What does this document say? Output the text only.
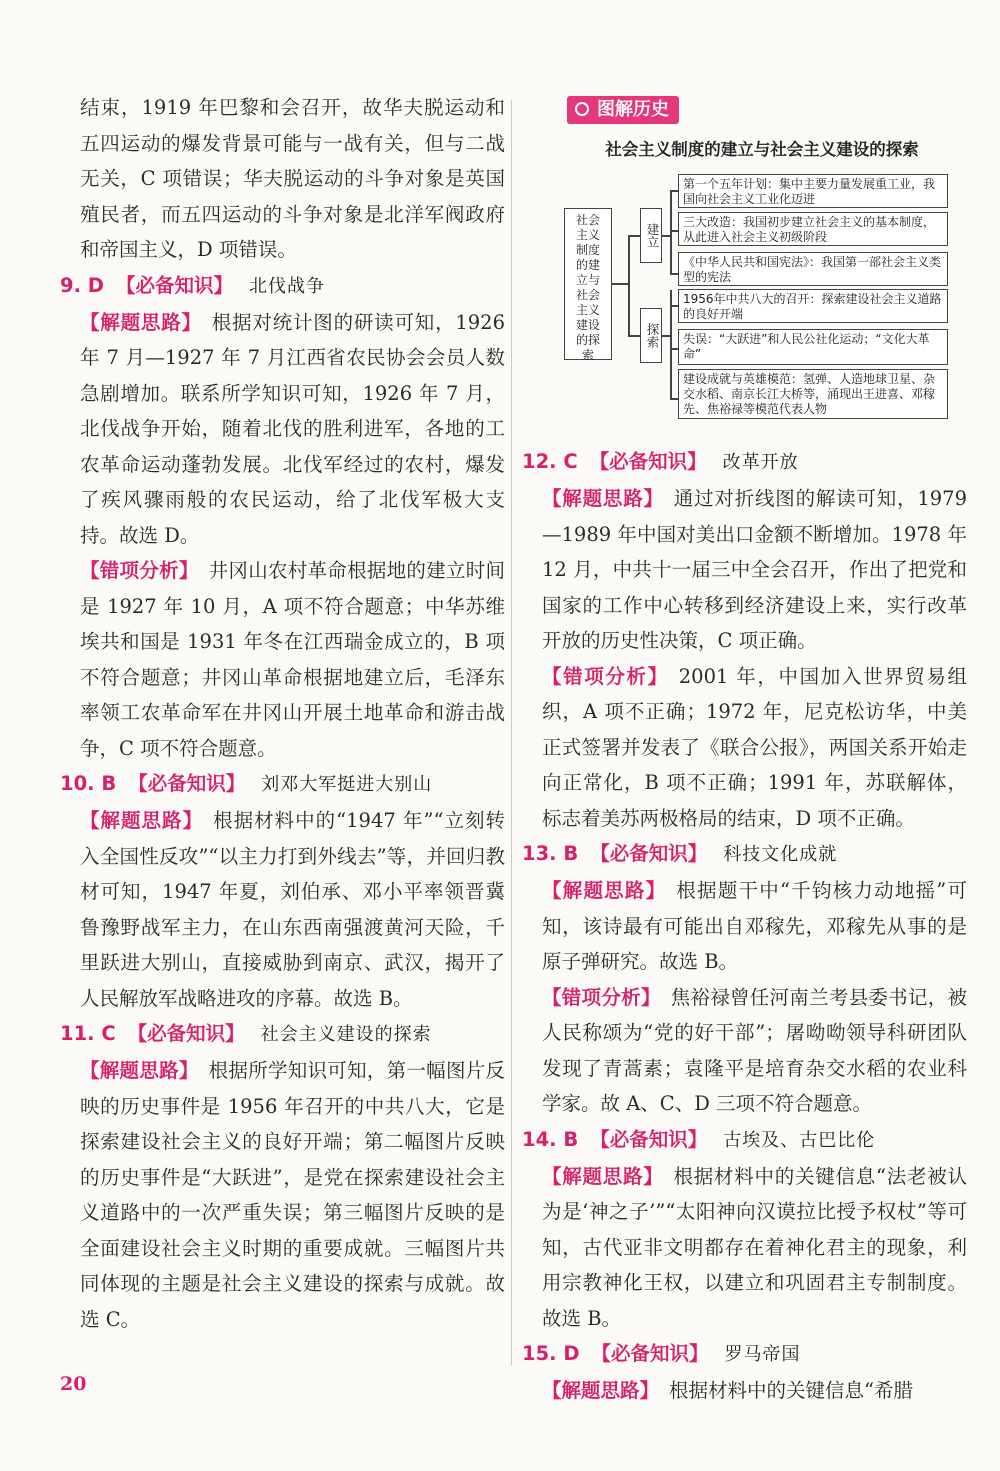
结束，1919 年巴黎和会召开，故华夫脱运动和五四运动的爆发背景可能与一战有关，但与二战无关，C 项错误；华夫脱运动的斗争对象是英国殖民者，而五四运动的斗争对象是北洋军阀政府和帝国主义，D 项错误。

9. D 【必备知识】 北伐战争

【解题思路】 根据对统计图的研读可知，1926 年 7 月—1927 年 7 月江西省农民协会会员人数急剧增加。联系所学知识可知，1926 年 7 月，北伐战争开始，随着北伐的胜利进军，各地的工农革命运动蓬勃发展。北伐军经过的农村，爆发了疾风骤雨般的农民运动，给了北伐军极大支持。故选 D。

【错项分析】 井冈山农村革命根据地的建立时间是 1927 年 10 月，A 项不符合题意；中华苏维埃共和国是 1931 年冬在江西瑞金成立的，B 项不符合题意；井冈山革命根据地建立后，毛泽东率领工农革命军在井冈山开展土地革命和游击战争，C 项不符合题意。

10. B 【必备知识】 刘邓大军挺进大别山

【解题思路】 根据材料中的“1947 年”“立刻转入全国性反攻”“以主力打到外线去”等，并回归教材可知，1947 年夏，刘伯承、邓小平率领晋冀鲁豫野战军主力，在山东西南强渡黄河天险，千里跃进大别山，直接威胁到南京、武汉，揭开了人民解放军战略进攻的序幕。故选 B。

11. C 【必备知识】 社会主义建设的探索

【解题思路】 根据所学知识可知，第一幅图片反映的历史事件是 1956 年召开的中共八大，它是探索建设社会主义的良好开端；第二幅图片反映的历史事件是“大跃进”，是党在探索建设社会主义道路中的一次严重失误；第三幅图片反映的是全面建设社会主义时期的重要成就。三幅图片共同体现的主题是社会主义建设的探索与成就。故选 C。

图解历史
社会主义制度的建立与社会主义建设的探索
社会主义制度的建立与社会主义建设的探索
建立
探索
第一个五年计划：集中主要力量发展重工业，我国向社会主义工业化迈进
三大改造：我国初步建立社会主义的基本制度，从此进入社会主义初级阶段
《中华人民共和国宪法》：我国第一部社会主义类型的宪法
1956年中共八大的召开：探索建设社会主义道路的良好开端
失误：“大跃进”和人民公社化运动；“文化大革命”
建设成就与英雄模范：氢弹、人造地球卫星、杂交水稻、南京长江大桥等，涌现出王进喜、邓稼先、焦裕禄等模范代表人物

12. C 【必备知识】 改革开放

【解题思路】 通过对折线图的解读可知，1979—1989 年中国对美出口金额不断增加。1978 年 12 月，中共十一届三中全会召开，作出了把党和国家的工作中心转移到经济建设上来，实行改革开放的历史性决策，C 项正确。

【错项分析】 2001 年，中国加入世界贸易组织，A 项不正确；1972 年，尼克松访华，中美正式签署并发表了《联合公报》，两国关系开始走向正常化，B 项不正确；1991 年，苏联解体，标志着美苏两极格局的结束，D 项不正确。

13. B 【必备知识】 科技文化成就

【解题思路】 根据题干中“千钧核力动地摇”可知，该诗最有可能出自邓稼先，邓稼先从事的是原子弹研究。故选 B。

【错项分析】 焦裕禄曾任河南兰考县委书记，被人民称颂为“党的好干部”；屠呦呦领导科研团队发现了青蒿素；袁隆平是培育杂交水稻的农业科学家。故 A、C、D 三项不符合题意。

14. B 【必备知识】 古埃及、古巴比伦

【解题思路】 根据材料中的关键信息“法老被认为是‘神之子’”“太阳神向汉谟拉比授予权杖”等可知，古代亚非文明都存在着神化君主的现象，利用宗教神化王权，以建立和巩固君主专制制度。故选 B。

15. D 【必备知识】 罗马帝国

【解题思路】 根据材料中的关键信息“希腊

20
